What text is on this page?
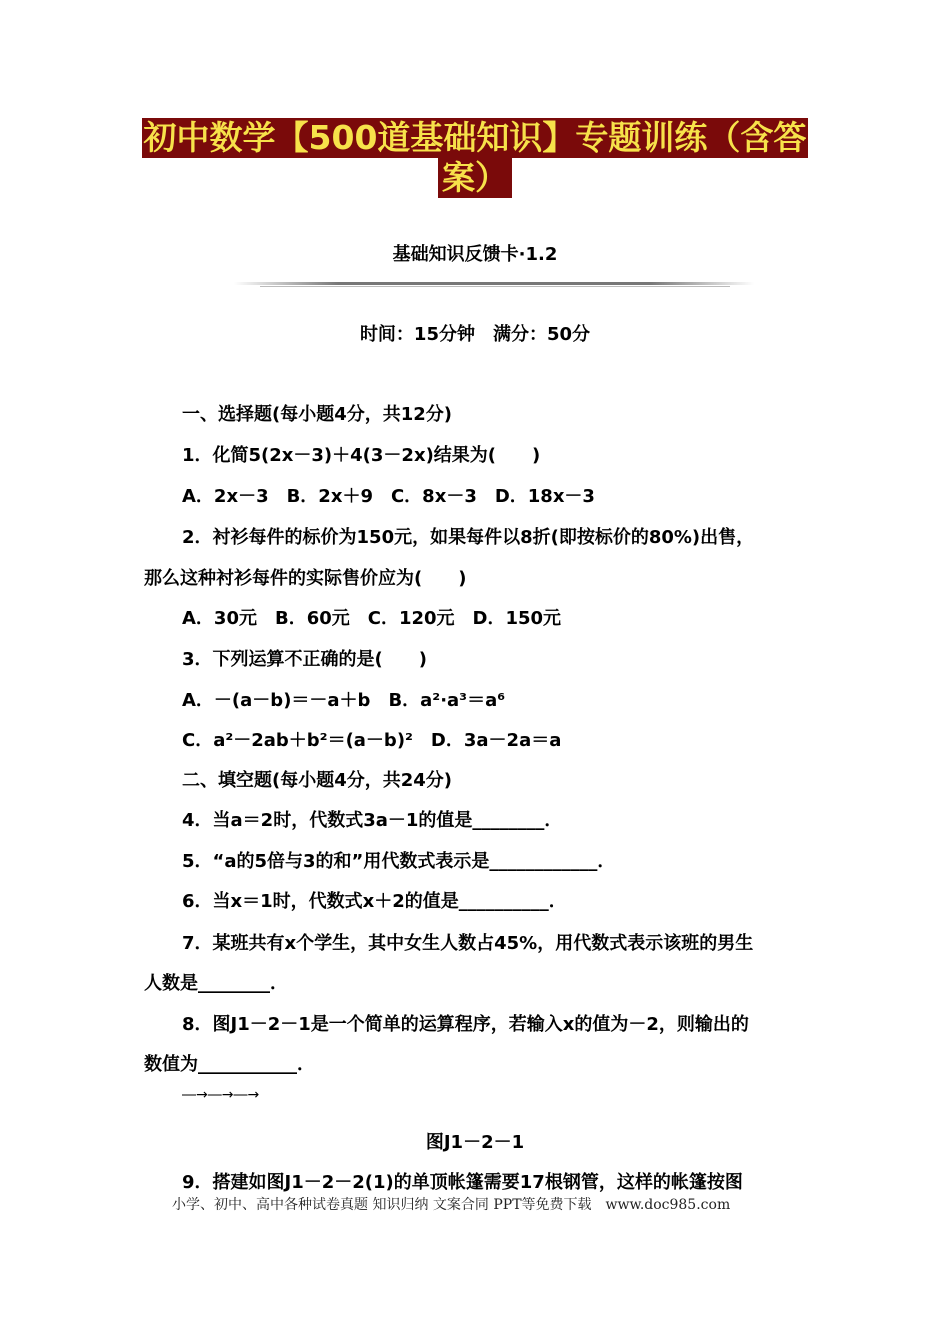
初中数学【500道基础知识】专题训练（含答
案）
基础知识反馈卡·1.2
时间：15分钟　满分：50分
一、选择题(每小题4分，共12分)
1．化简5(2x－3)＋4(3－2x)结果为(　　)
A．2x－3　B．2x＋9　C．8x－3　D．18x－3
2．衬衫每件的标价为150元，如果每件以8折(即按标价的80%)出售，
那么这种衬衫每件的实际售价应为(　　)
A．30元　B．60元　C．120元　D．150元
3．下列运算不正确的是(　　)
A．－(a－b)＝－a＋b　B．a²·a³＝a⁶
C．a²－2ab＋b²＝(a－b)²　D．3a－2a＝a
二、填空题(每小题4分，共24分)
4．当a＝2时，代数式3a－1的值是________．
5．“a的5倍与3的和”用代数式表示是____________．
6．当x＝1时，代数式x＋2的值是__________．
7．某班共有x个学生，其中女生人数占45%，用代数式表示该班的男生
人数是________．
8．图J1－2－1是一个简单的运算程序，若输入x的值为－2，则输出的
数值为___________．
―→―→―→
图J1－2－1
9．搭建如图J1－2－2(1)的单顶帐篷需要17根钢管，这样的帐篷按图
小学、初中、高中各种试卷真题 知识归纳 文案合同 PPT等免费下载　www.doc985.com
